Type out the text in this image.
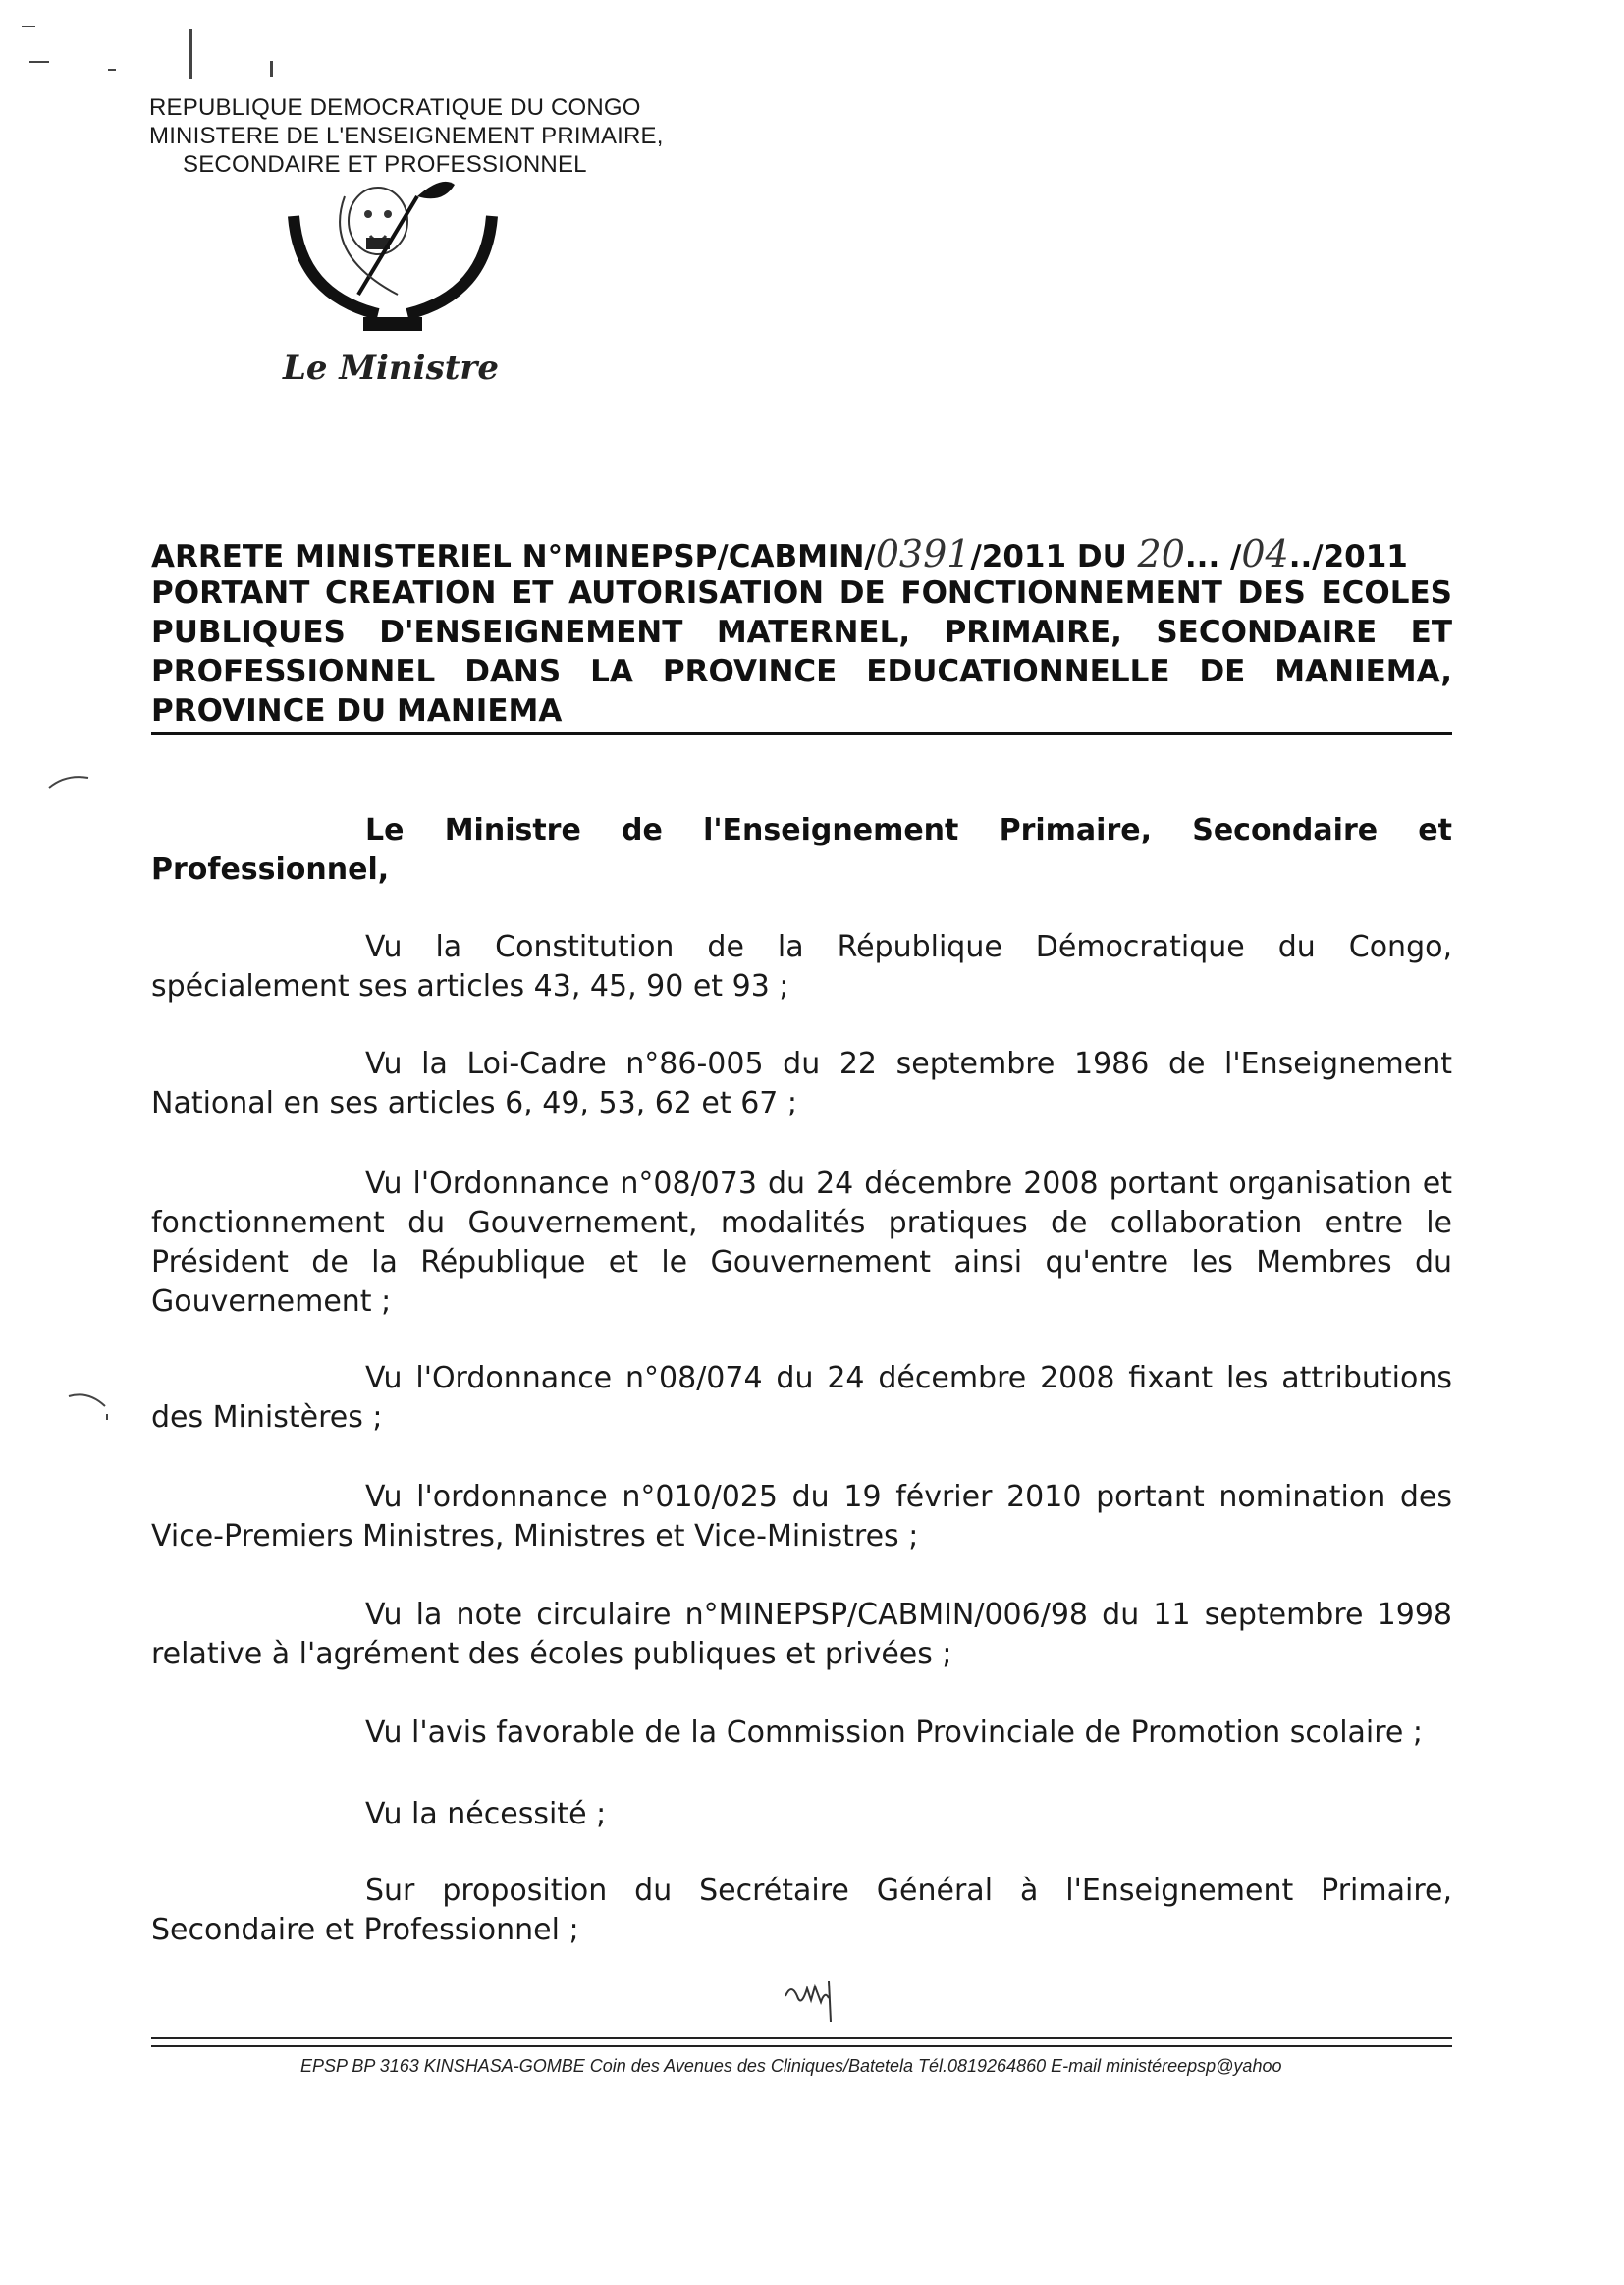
REPUBLIQUE DEMOCRATIQUE DU CONGO
MINISTERE DE L'ENSEIGNEMENT PRIMAIRE,
SECONDAIRE ET PROFESSIONNEL
Le Ministre
ARRETE MINISTERIEL N°MINEPSP/CABMIN/0391/2011 DU 20... /04../2011
PORTANT CREATION ET AUTORISATION DE FONCTIONNEMENT DES ECOLES PUBLIQUES D'ENSEIGNEMENT MATERNEL, PRIMAIRE, SECONDAIRE ET PROFESSIONNEL DANS LA PROVINCE EDUCATIONNELLE DE MANIEMA, PROVINCE DU MANIEMA
Le Ministre de l'Enseignement Primaire, Secondaire et Professionnel,
Vu la Constitution de la République Démocratique du Congo, spécialement ses articles 43, 45, 90 et 93 ;
Vu la Loi-Cadre n°86-005 du 22 septembre 1986 de l'Enseignement National en ses articles 6, 49, 53, 62 et 67 ;
Vu l'Ordonnance n°08/073 du 24 décembre 2008 portant organisation et fonctionnement du Gouvernement, modalités pratiques de collaboration entre le Président de la République et le Gouvernement ainsi qu'entre les Membres du Gouvernement ;
Vu l'Ordonnance n°08/074 du 24 décembre 2008 fixant les attributions des Ministères ;
Vu l'ordonnance n°010/025 du 19 février 2010 portant nomination des Vice-Premiers Ministres, Ministres et Vice-Ministres ;
Vu la note circulaire n°MINEPSP/CABMIN/006/98 du 11 septembre 1998 relative à l'agrément des écoles publiques et privées ;
Vu l'avis favorable de la Commission Provinciale de Promotion scolaire ;
Vu la nécessité ;
Sur proposition du Secrétaire Général à l'Enseignement Primaire, Secondaire et Professionnel ;
EPSP BP 3163 KINSHASA-GOMBE Coin des Avenues des Cliniques/Batetela Tél.0819264860 E-mail ministéreepsp@yahoo
